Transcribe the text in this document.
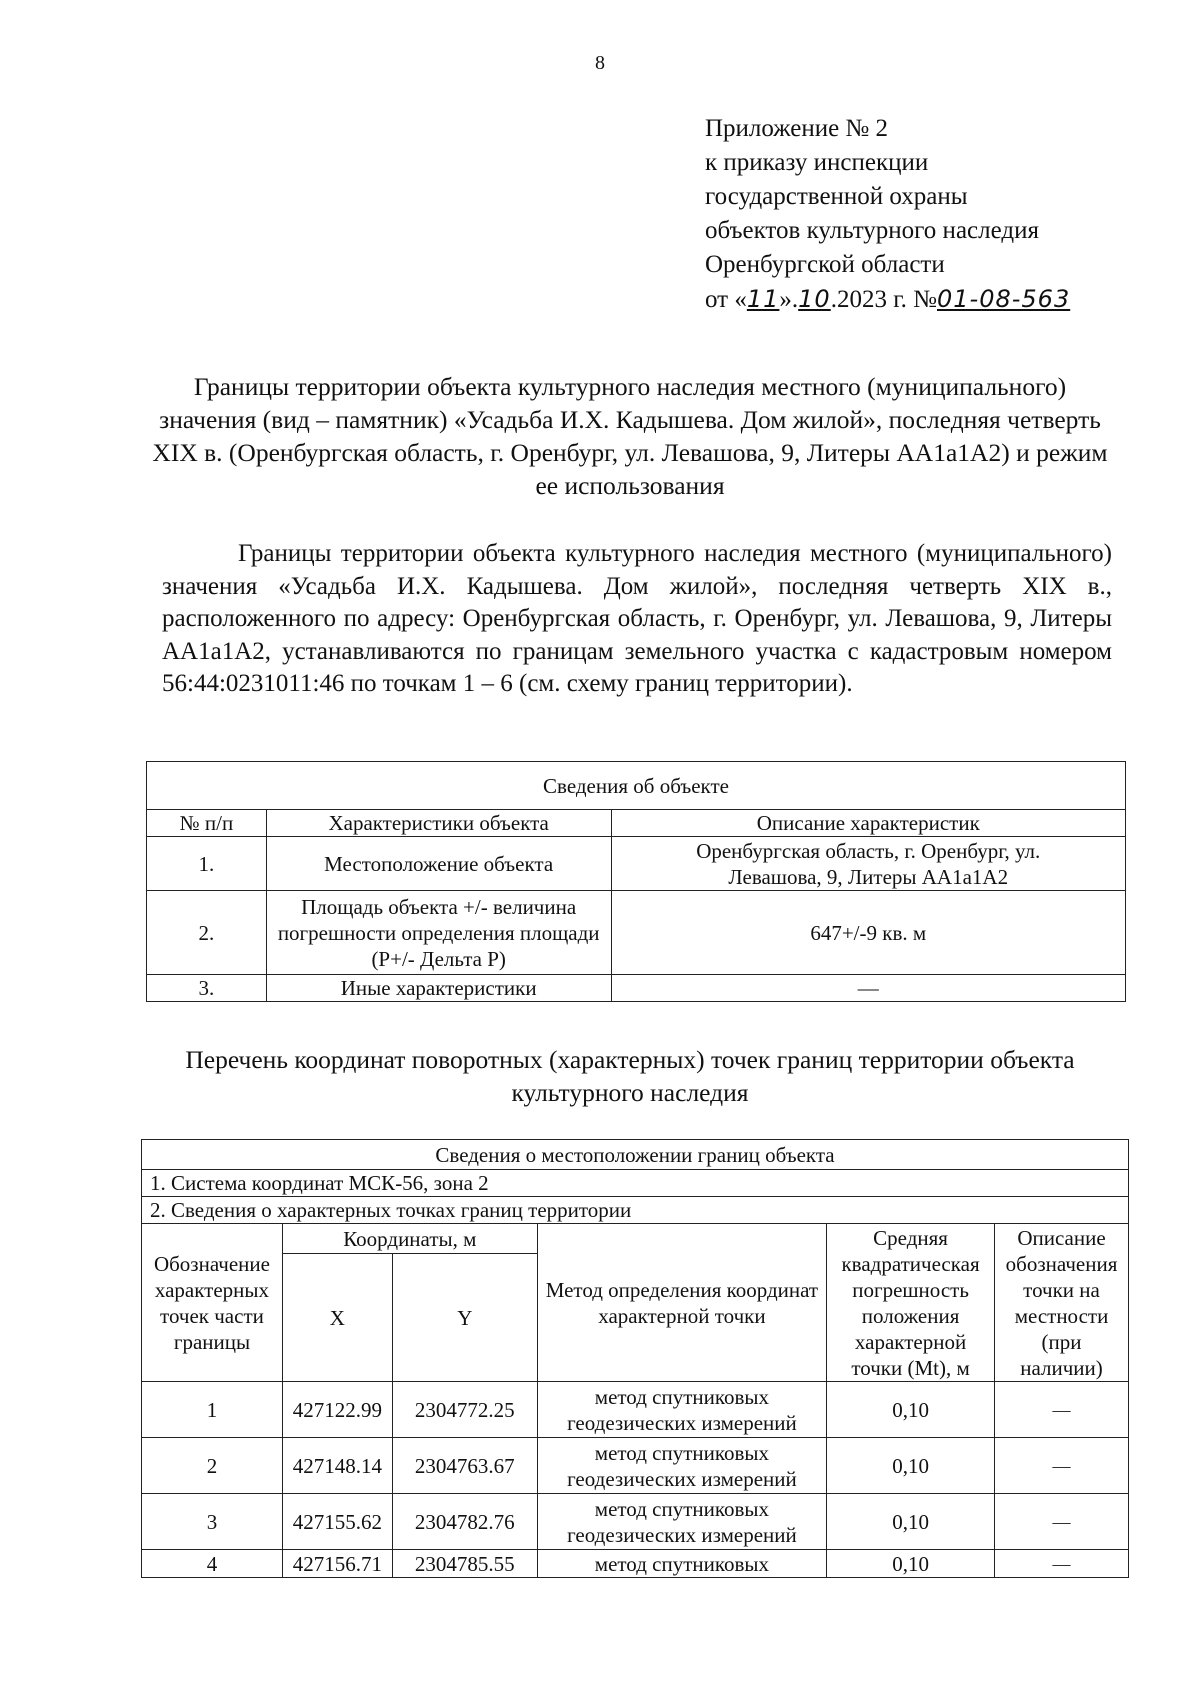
8
Приложение № 2
к приказу инспекции
государственной охраны
объектов культурного наследия
Оренбургской области
от «11».10.2023 г. №01-08-563
Границы территории объекта культурного наследия местного (муниципального) значения (вид – памятник) «Усадьба И.Х. Кадышева. Дом жилой», последняя четверть XIX в. (Оренбургская область, г. Оренбург, ул. Левашова, 9, Литеры АА1а1А2) и режим ее использования
Границы территории объекта культурного наследия местного (муниципального) значения «Усадьба И.Х. Кадышева. Дом жилой», последняя четверть XIX в., расположенного по адресу: Оренбургская область, г. Оренбург, ул. Левашова, 9, Литеры АА1а1А2, устанавливаются по границам земельного участка с кадастровым номером 56:44:0231011:46 по точкам 1 – 6 (см. схему границ территории).
Сведения об объекте		
№ п/п	Характеристики объекта	Описание характеристик
1.	Местоположение объекта	Оренбургская область, г. Оренбург, ул. Левашова, 9, Литеры АА1а1А2
2.	Площадь объекта +/- величина погрешности определения площади (Р+/- Дельта Р)	647+/-9 кв. м
3.	Иные характеристики	—
Перечень координат поворотных (характерных) точек границ территории объекта культурного наследия
Сведения о местоположении границ объекта					
1. Система координат МСК-56, зона 2					
2. Сведения о характерных точках границ территории					
Обозначение характерных точек части границы	Координаты, м		Метод определения координат характерной точки	Средняя квадратическая погрешность положения характерной точки (Mt), м	Описание обозначения точки на местности (при наличии)
	X	Y			
1	427122.99	2304772.25	метод спутниковых геодезических измерений	0,10	—
2	427148.14	2304763.67	метод спутниковых геодезических измерений	0,10	—
3	427155.62	2304782.76	метод спутниковых геодезических измерений	0,10	—
4	427156.71	2304785.55	метод спутниковых	0,10	—
